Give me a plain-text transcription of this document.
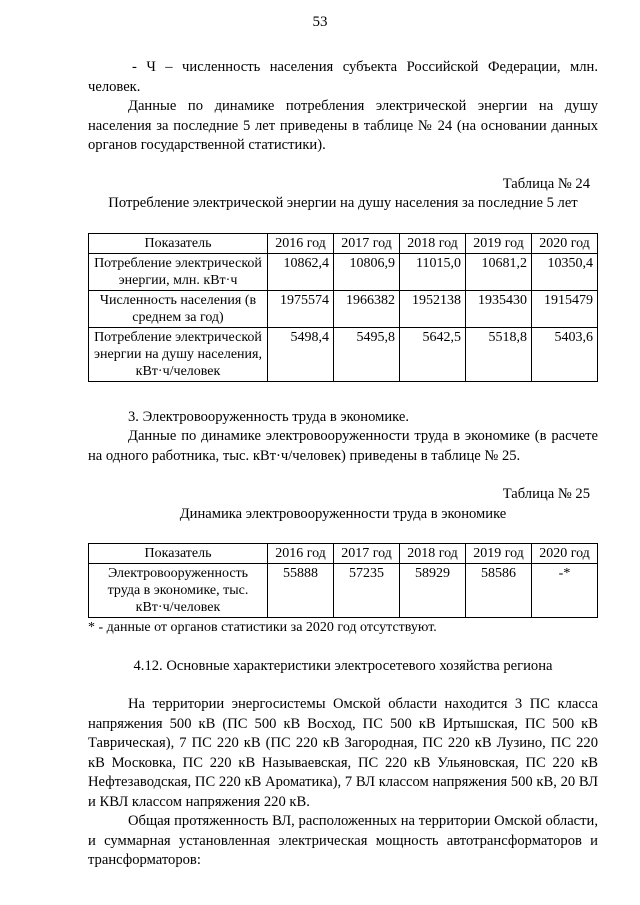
53

- Ч – численность населения субъекта Российской Федерации, млн. человек.

Данные по динамике потребления электрической энергии на душу населения за последние 5 лет приведены в таблице № 24 (на основании данных органов государственной статистики).

Таблица № 24

Потребление электрической энергии на душу населения за последние 5 лет

Показатель	2016 год	2017 год	2018 год	2019 год	2020 год
Потребление электрической энергии, млн. кВт·ч	10862,4	10806,9	11015,0	10681,2	10350,4
Численность населения (в среднем за год)	1975574	1966382	1952138	1935430	1915479
Потребление электрической энергии на душу населения, кВт·ч/человек	5498,4	5495,8	5642,5	5518,8	5403,6

3. Электровооруженность труда в экономике.

Данные по динамике электровооруженности труда в экономике (в расчете на одного работника, тыс. кВт·ч/человек) приведены в таблице № 25.

Таблица № 25

Динамика электровооруженности труда в экономике

Показатель	2016 год	2017 год	2018 год	2019 год	2020 год
Электровооруженность труда в экономике, тыс. кВт·ч/человек	55888	57235	58929	58586	-*

* - данные от органов статистики за 2020 год отсутствуют.

4.12. Основные характеристики электросетевого хозяйства региона

На территории энергосистемы Омской области находится 3 ПС класса напряжения 500 кВ (ПС 500 кВ Восход, ПС 500 кВ Иртышская, ПС 500 кВ Таврическая), 7 ПС 220 кВ (ПС 220 кВ Загородная, ПС 220 кВ Лузино, ПС 220 кВ Московка, ПС 220 кВ Называевская, ПС 220 кВ Ульяновская, ПС 220 кВ Нефтезаводская, ПС 220 кВ Ароматика), 7 ВЛ классом напряжения 500 кВ, 20 ВЛ и КВЛ классом напряжения 220 кВ.

Общая протяженность ВЛ, расположенных на территории Омской области, и суммарная установленная электрическая мощность автотрансформаторов и трансформаторов:
